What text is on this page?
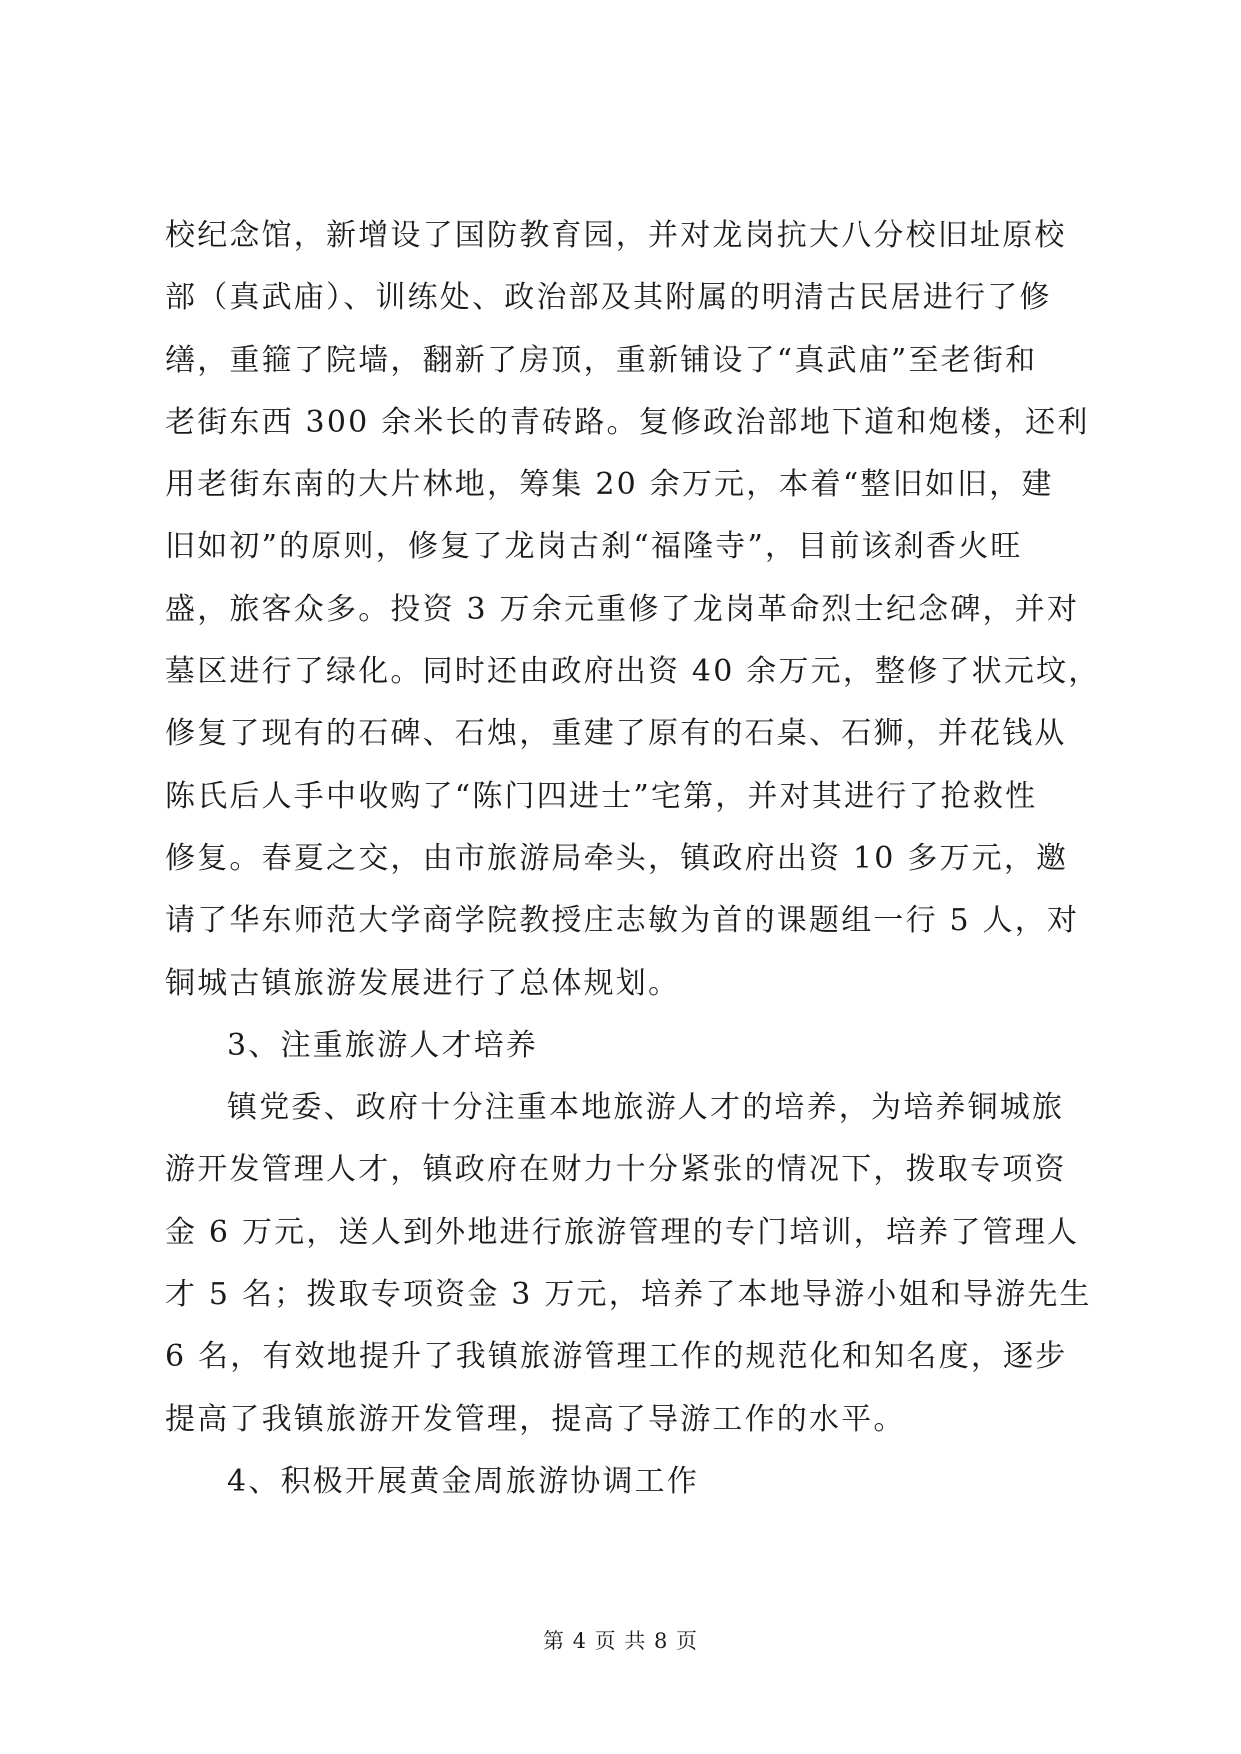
校纪念馆，新增设了国防教育园，并对龙岗抗大八分校旧址原校
部（真武庙）、训练处、政治部及其附属的明清古民居进行了修
缮，重箍了院墙，翻新了房顶，重新铺设了“真武庙”至老街和
老街东西 300 余米长的青砖路。复修政治部地下道和炮楼，还利
用老街东南的大片林地，筹集 20 余万元，本着“整旧如旧，建
旧如初”的原则，修复了龙岗古刹“福隆寺”，目前该刹香火旺
盛，旅客众多。投资 3 万余元重修了龙岗革命烈士纪念碑，并对
墓区进行了绿化。同时还由政府出资 40 余万元，整修了状元坟，
修复了现有的石碑、石烛，重建了原有的石桌、石狮，并花钱从
陈氏后人手中收购了“陈门四进士”宅第，并对其进行了抢救性
修复。春夏之交，由市旅游局牵头，镇政府出资 10 多万元，邀
请了华东师范大学商学院教授庄志敏为首的课题组一行 5 人，对
铜城古镇旅游发展进行了总体规划。
3、注重旅游人才培养
镇党委、政府十分注重本地旅游人才的培养，为培养铜城旅
游开发管理人才，镇政府在财力十分紧张的情况下，拨取专项资
金 6 万元，送人到外地进行旅游管理的专门培训，培养了管理人
才 5 名；拨取专项资金 3 万元，培养了本地导游小姐和导游先生
6 名，有效地提升了我镇旅游管理工作的规范化和知名度，逐步
提高了我镇旅游开发管理，提高了导游工作的水平。
4、积极开展黄金周旅游协调工作
第 4 页 共 8 页
